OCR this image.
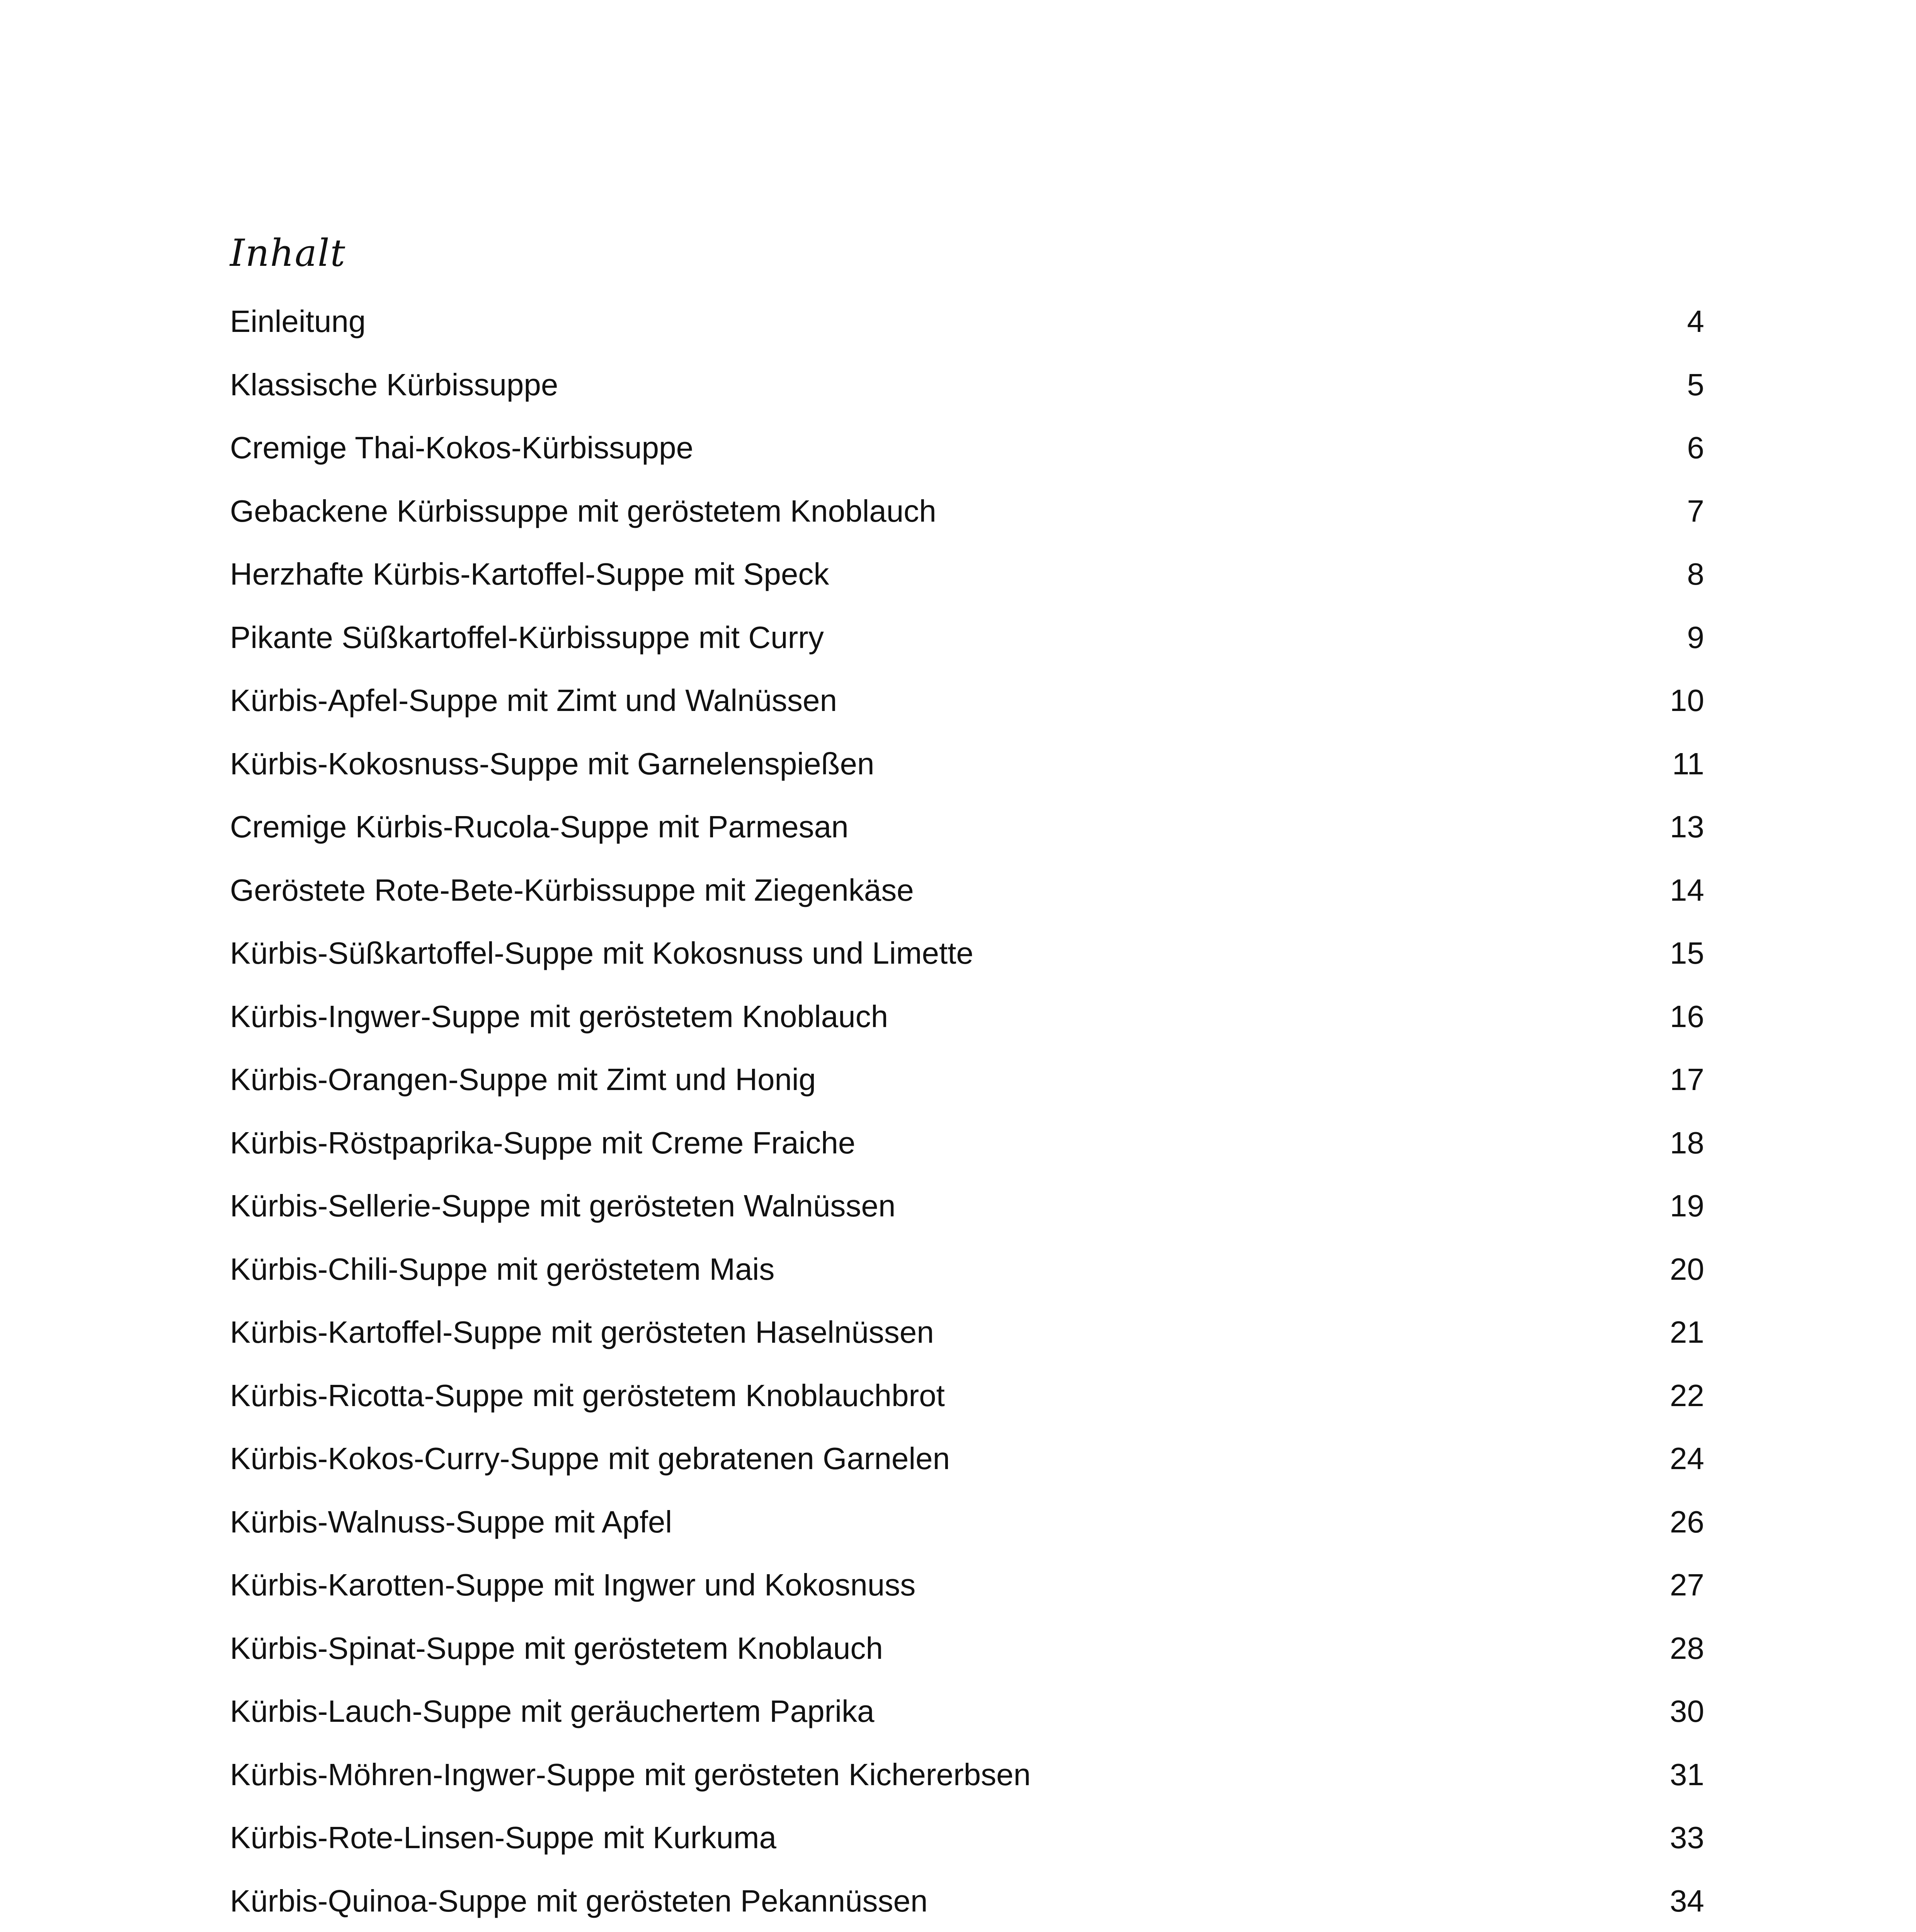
Inhalt
Einleitung	4
Klassische Kürbissuppe	5
Cremige Thai-Kokos-Kürbissuppe	6
Gebackene Kürbissuppe mit geröstetem Knoblauch	7
Herzhafte Kürbis-Kartoffel-Suppe mit Speck	8
Pikante Süßkartoffel-Kürbissuppe mit Curry	9
Kürbis-Apfel-Suppe mit Zimt und Walnüssen	10
Kürbis-Kokosnuss-Suppe mit Garnelenspießen	11
Cremige Kürbis-Rucola-Suppe mit Parmesan	13
Geröstete Rote-Bete-Kürbissuppe mit Ziegenkäse	14
Kürbis-Süßkartoffel-Suppe mit Kokosnuss und Limette	15
Kürbis-Ingwer-Suppe mit geröstetem Knoblauch	16
Kürbis-Orangen-Suppe mit Zimt und Honig	17
Kürbis-Röstpaprika-Suppe mit Creme Fraiche	18
Kürbis-Sellerie-Suppe mit gerösteten Walnüssen	19
Kürbis-Chili-Suppe mit geröstetem Mais	20
Kürbis-Kartoffel-Suppe mit gerösteten Haselnüssen	21
Kürbis-Ricotta-Suppe mit geröstetem Knoblauchbrot	22
Kürbis-Kokos-Curry-Suppe mit gebratenen Garnelen	24
Kürbis-Walnuss-Suppe mit Apfel	26
Kürbis-Karotten-Suppe mit Ingwer und Kokosnuss	27
Kürbis-Spinat-Suppe mit geröstetem Knoblauch	28
Kürbis-Lauch-Suppe mit geräuchertem Paprika	30
Kürbis-Möhren-Ingwer-Suppe mit gerösteten Kichererbsen	31
Kürbis-Rote-Linsen-Suppe mit Kurkuma	33
Kürbis-Quinoa-Suppe mit gerösteten Pekannüssen	34
